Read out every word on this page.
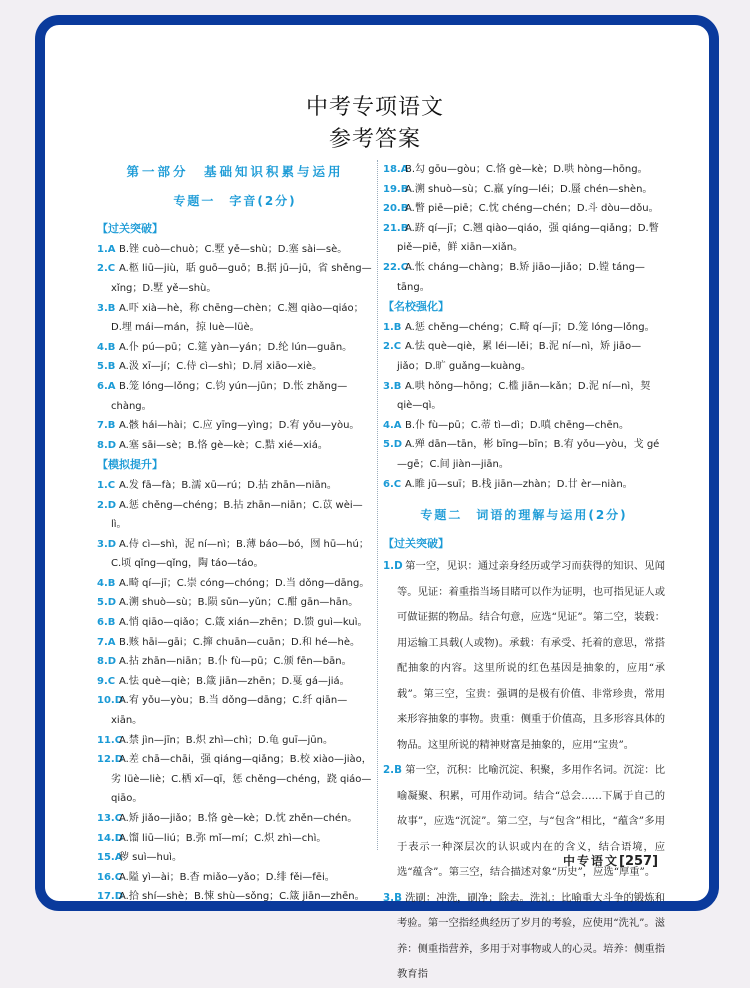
中考专项语文
参考答案
第一部分　基础知识积累与运用
专题一　字音(2分)
【过关突破】
1.A B.锉 cuò—chuò；C.墅 yě—shù；D.塞 sài—sè。
2.C A.柩 liū—jiù，聒 guō—guō；B.据 jū—jū，省 shěng—xǐng；D.墅 yě—shù。
3.B A.吓 xià—hè，称 chēng—chèn；C.翘 qiào—qiáo；D.埋 mái—mán，掠 luè—lüè。
4.B A.仆 pú—pū；C.筵 yàn—yán；D.纶 lún—guān。
5.B A.汲 xī—jí；C.侍 cì—shì；D.屑 xiāo—xiè。
6.A B.笼 lóng—lǒng；C.钧 yún—jūn；D.怅 zhǎng—chàng。
7.B A.骸 hái—hài；C.应 yīng—yìng；D.宥 yǒu—yòu。
8.D A.塞 sāi—sè；B.恪 gè—kè；C.黠 xié—xiá。
【模拟提升】
1.C A.发 fā—fà；B.濡 xū—rú；D.拈 zhān—niān。
2.D A.惩 chěng—chéng；B.拈 zhān—niān；C.苡 wèi—lì。
3.D A.侍 cì—shì，泥 ní—nì；B.薄 báo—bó，囫 hū—hú；C.顷 qǐng—qǐng，陶 táo—táo。
4.B A.畸 qí—jī；C.崇 cóng—chóng；D.当 dǒng—dāng。
5.D A.溯 shuò—sù；B.陨 sǔn—yǔn；C.酣 gān—hān。
6.B A.悄 qiāo—qiǎo；C.箴 xián—zhēn；D.馈 guì—kuì。
7.A B.赅 hāi—gāi；C.撺 chuān—cuān；D.和 hé—hè。
8.D A.拈 zhān—niān；B.仆 fù—pū；C.颁 fēn—bān。
9.C A.怯 què—qiè；B.箴 jiān—zhēn；D.戛 gá—jiá。
10.DA.宥 yǒu—yòu；B.当 dǒng—dāng；C.纤 qiān—xiān。
11.CA.禁 jìn—jīn；B.炽 zhì—chì；D.龟 guī—jūn。
12.DA.差 chā—chāi，强 qiáng—qiǎng；B.校 xiào—jiào，劣 lüè—liè；C.栖 xī—qī，惩 chěng—chéng，跷 qiáo—qiāo。
13.CA.矫 jiǎo—jiǎo；B.恪 gè—kè；D.忱 zhěn—chén。
14.DA.馏 liū—liú；B.弥 mǐ—mí；C.炽 zhì—chì。
15.A秽 suì—huì。
16.CA.隘 yì—ài；B.杳 miǎo—yǎo；D.绯 fěi—fēi。
17.DA.拾 shí—shè；B.悚 shù—sǒng；C.箴 jiān—zhēn。
18.AB.勾 gōu—gòu；C.恪 gè—kè；D.哄 hòng—hōng。
19.BA.溯 shuò—sù；C.羸 yíng—léi；D.蜃 chén—shèn。
20.BA.瞥 piē—piē；C.忱 chéng—chén；D.斗 dòu—dǒu。
21.BA.跻 qí—jī；C.翘 qiào—qiáo，强 qiáng—qiǎng；D.瞥 piě—piē，鲜 xiān—xiǎn。
22.CA.怅 cháng—chàng；B.矫 jiāo—jiǎo；D.镗 táng—tāng。
【名校强化】
1.B A.惩 chěng—chéng；C.畸 qí—jī；D.笼 lóng—lǒng。
2.C A.怯 què—qiè，累 léi—lěi；B.泥 ní—nì，矫 jiāo—jiǎo；D.旷 guǎng—kuàng。
3.B A.哄 hǒng—hōng；C.槛 jiān—kǎn；D.泥 ní—nì，契 qiè—qì。
4.A B.仆 fù—pū；C.蒂 tì—dì；D.嗔 chēng—chēn。
5.D A.殚 dān—tān，彬 bīng—bīn；B.宥 yǒu—yòu，戈 gé—gē；C.间 jiàn—jiān。
6.C A.睢 jū—suī；B.栈 jiān—zhàn；D.廿 èr—niàn。
专题二　词语的理解与运用(2分)
【过关突破】
1.D 第一空，见识：通过亲身经历或学习而获得的知识、见闻等。见证：着重指当场目睹可以作为证明，也可指见证人或可做证据的物品。结合句意，应选“见证”。第二空，装载：用运输工具载(人或物)。承载：有承受、托着的意思，常搭配抽象的内容。这里所说的红色基因是抽象的，应用“承载”。第三空，宝贵：强调的是极有价值、非常珍贵，常用来形容抽象的事物。贵重：侧重于价值高，且多形容具体的物品。这里所说的精神财富是抽象的，应用“宝贵”。
2.B 第一空，沉积：比喻沉淀、积聚，多用作名词。沉淀：比喻凝聚、积累，可用作动词。结合“总会……下属于自己的故事”，应选“沉淀”。第二空，与“包含”相比，“蕴含”多用于表示一种深层次的认识或内在的含义，结合语境，应选“蕴含”。第三空，结合描述对象“历史”，应选“厚重”。
3.B 洗刷：冲洗，刷净；除去。洗礼：比喻重大斗争的锻炼和考验。第一空指经典经历了岁月的考验，应使用“洗礼”。滋养：侧重指营养，多用于对事物或人的心灵。培养：侧重指教育指
中专语文[257]
